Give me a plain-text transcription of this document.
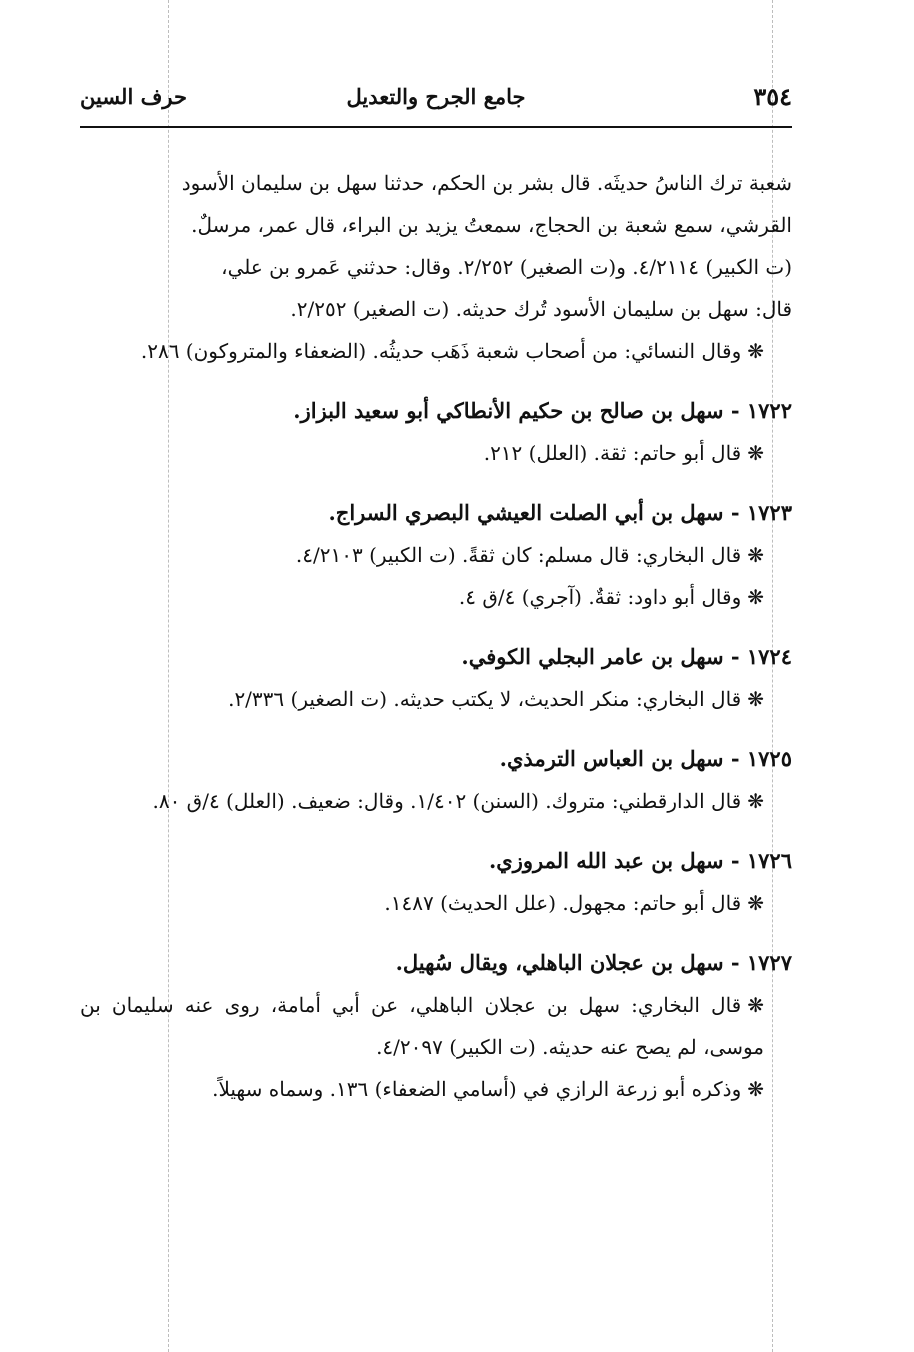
٣٥٤
جامع الجرح والتعديل
حرف السين

شعبة ترك الناسُ حديثَه. قال بشر بن الحكم، حدثنا سهل بن سليمان الأسود

القرشي، سمع شعبة بن الحجاج، سمعتُ يزيد بن البراء، قال عمر، مرسلٌ.

(ت الكبير) ٤/٢١١٤. و(ت الصغير) ٢/٢٥٢. وقال: حدثني عَمرو بن علي،

قال: سهل بن سليمان الأسود تُرك حديثه. (ت الصغير) ٢/٢٥٢.

❋وقال النسائي: من أصحاب شعبة ذَهَب حديثُه. (الضعفاء والمتروكون) ٢٨٦.

١٧٢٢ - سهل بن صالح بن حكيم الأنطاكي أبو سعيد البزاز.

❋قال أبو حاتم: ثقة. (العلل) ٢١٢.

١٧٢٣ - سهل بن أبي الصلت العيشي البصري السراج.

❋قال البخاري: قال مسلم: كان ثقةً. (ت الكبير) ٤/٢١٠٣.

❋وقال أبو داود: ثقةٌ. (آجري) ٤/ق ٤.

١٧٢٤ - سهل بن عامر البجلي الكوفي.

❋قال البخاري: منكر الحديث، لا يكتب حديثه. (ت الصغير) ٢/٣٣٦.

١٧٢٥ - سهل بن العباس الترمذي.

❋قال الدارقطني: متروك. (السنن) ١/٤٠٢. وقال: ضعيف. (العلل) ٤/ق ٨٠.

١٧٢٦ - سهل بن عبد الله المروزي.

❋قال أبو حاتم: مجهول. (علل الحديث) ١٤٨٧.

١٧٢٧ - سهل بن عجلان الباهلي، ويقال سُهيل.

❋قال البخاري: سهل بن عجلان الباهلي، عن أبي أمامة، روى عنه سليمان بن موسى، لم يصح عنه حديثه. (ت الكبير) ٤/٢٠٩٧.

❋وذكره أبو زرعة الرازي في (أسامي الضعفاء) ١٣٦. وسماه سهيلاً.
